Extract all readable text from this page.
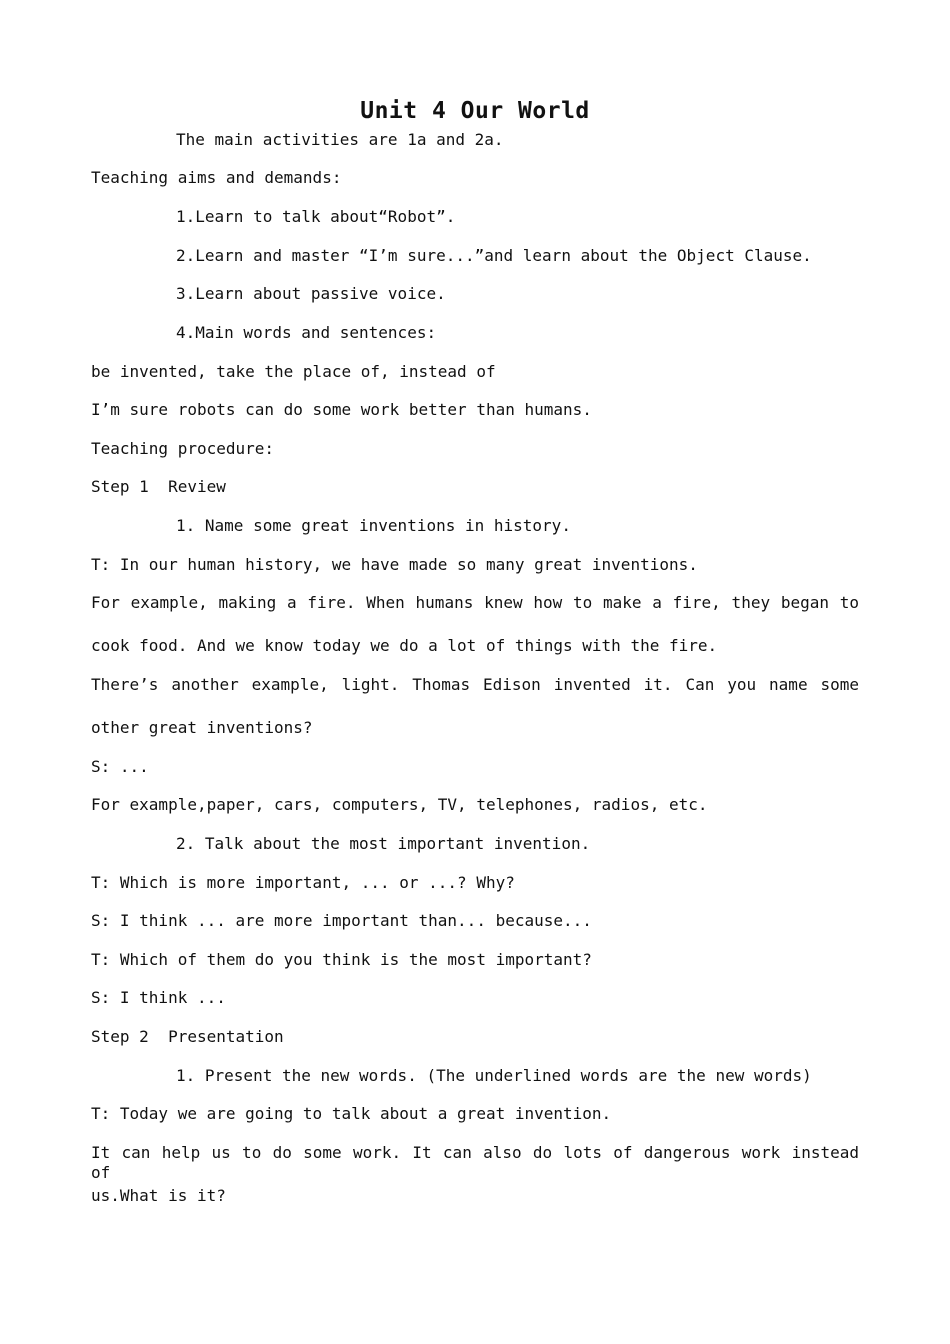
Unit 4 Our World

The main activities are 1a and 2a.

Teaching aims and demands:

1.Learn to talk about“Robot”.

2.Learn and master “I’m sure...”and learn about the Object Clause.

3.Learn about passive voice.

4.Main words and sentences:

be invented, take the place of, instead of

I’m sure robots can do some work better than humans.

Teaching procedure:

Step 1  Review

1. Name some great inventions in history.

T: In our human history, we have made so many great inventions.

For example, making a fire. When humans knew how to make a fire, they began to

cook food. And we know today we do a lot of things with the fire.

There’s another example, light. Thomas Edison invented it. Can you name some

other great inventions?

S: ...

For example,paper, cars, computers, TV, telephones, radios, etc.

2. Talk about the most important invention.

T: Which is more important, ... or ...? Why?

S: I think ... are more important than... because...

T: Which of them do you think is the most important?

S: I think ...

Step 2  Presentation

1. Present the new words. (The underlined words are the new words)

T: Today we are going to talk about a great invention.

It can help us to do some work. It can also do lots of dangerous work instead of

us.What is it?
